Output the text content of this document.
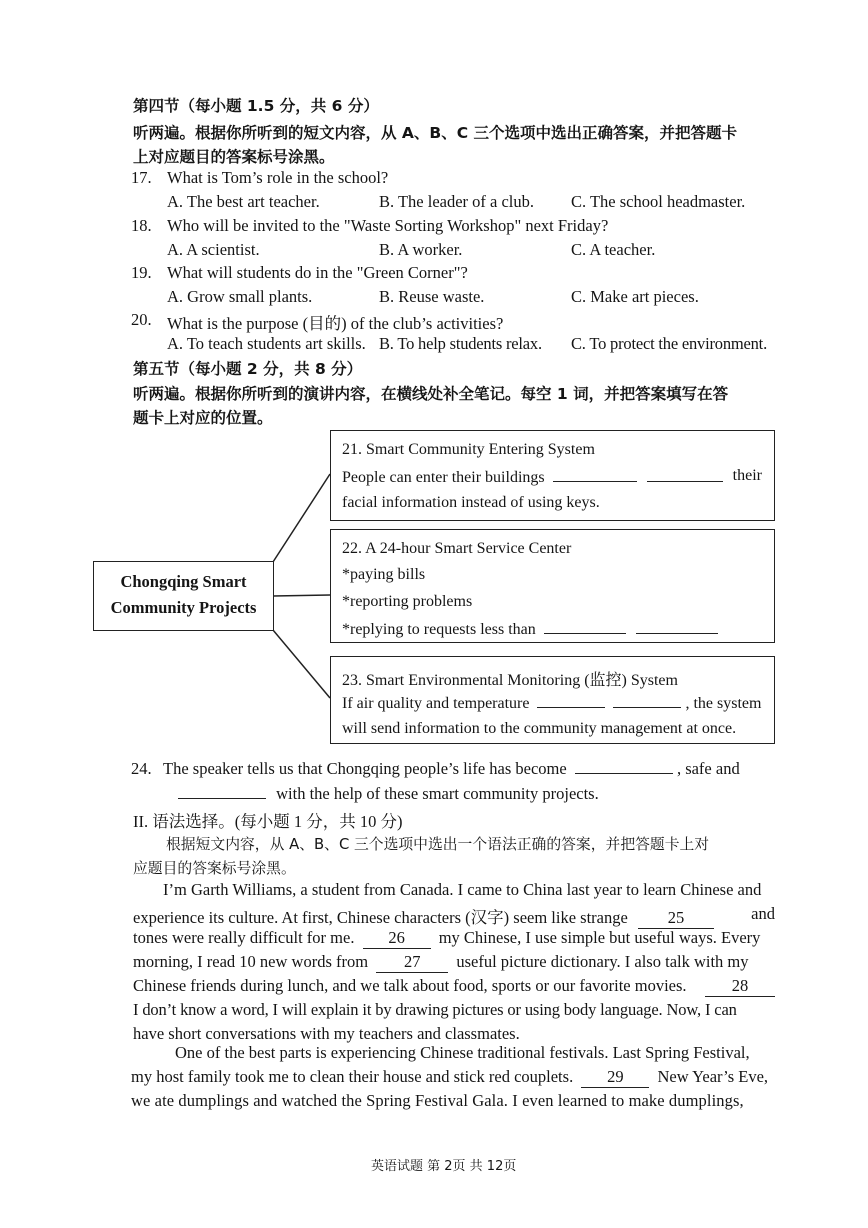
第四节（每小题 1.5 分，共 6 分）
听两遍。根据你所听到的短文内容，从 A、B、C 三个选项中选出正确答案，并把答题卡
上对应题目的答案标号涂黑。
17. What is Tom’s role in the school?
A. The best art teacher.	B. The leader of a club. C. The school headmaster.
18. Who will be invited to the "Waste Sorting Workshop" next Friday?
A. A scientist.	B. A worker.	C. A teacher.
19. What will students do in the "Green Corner"?
A. Grow small plants.	B. Reuse waste.	C. Make art pieces.
20. What is the purpose (目的) of the club’s activities?
A. To teach students art skills. B. To help students relax. C. To protect the environment.
第五节（每小题 2 分，共 8 分）
听两遍。根据你所听到的演讲内容，在横线处补全笔记。每空 1 词，并把答案填写在答
题卡上对应的位置。
Chongqing Smart
Community Projects
21. Smart Community Entering System
People can enter their buildings	their
facial information instead of using keys.
22. A 24-hour Smart Service Center
*paying bills
*reporting problems
*replying to requests less than
23. Smart Environmental Monitoring (监控) System
If air quality and temperature	, the system
will send information to the community management at once.
24. The speaker tells us that Chongqing people’s life has become	, safe and
with the help of these smart community projects.
II. 语法选择。(每小题 1 分，共 10 分)
根据短文内容，从 A、B、C 三个选项中选出一个语法正确的答案，并把答题卡上对
应题目的答案标号涂黑。
I’m Garth Williams, a student from Canada. I came to China last year to learn Chinese and
experience its culture. At first, Chinese characters (汉字) seem like strange 25	and
tones were really difficult for me. 26 my Chinese, I use simple but useful ways. Every
morning, I read 10 new words from 27 useful picture dictionary. I also talk with my
Chinese friends during lunch, and we talk about food, sports or our favorite movies.	28
I don’t know a word, I will explain it by drawing pictures or using body language. Now, I can
have short conversations with my teachers and classmates.
One of the best parts is experiencing Chinese traditional festivals. Last Spring Festival,
my host family took me to clean their house and stick red couplets. 29 New Year’s Eve,
we ate dumplings and watched the Spring Festival Gala. I even learned to make dumplings,
英语试题 第 2页 共 12页
